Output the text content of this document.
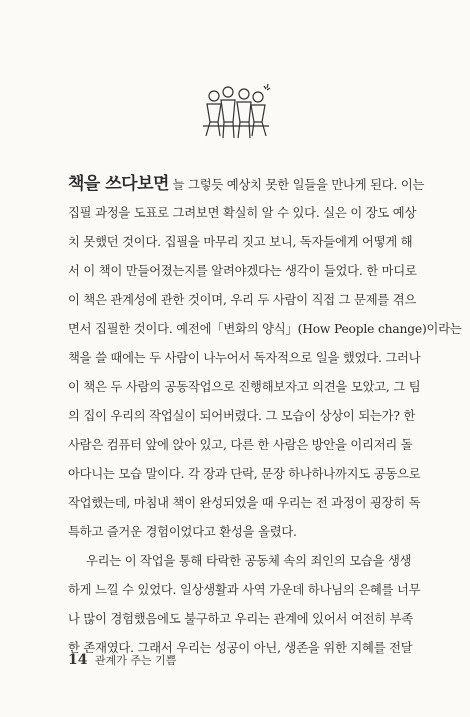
책을 쓰다보면 늘 그렇듯 예상치 못한 일들을 만나게 된다. 이는
집필 과정을 도표로 그려보면 확실히 알 수 있다. 실은 이 장도 예상
치 못했던 것이다. 집필을 마무리 짓고 보니, 독자들에게 어떻게 해
서 이 책이 만들어졌는지를 알려야겠다는 생각이 들었다. 한 마디로
이 책은 관계성에 관한 것이며, 우리 두 사람이 직접 그 문제를 겪으
면서 집필한 것이다. 예전에「변화의 양식」(How People change)이라는
책을 쓸 때에는 두 사람이 나누어서 독자적으로 일을 했었다. 그러나
이 책은 두 사람의 공동작업으로 진행해보자고 의견을 모았고, 그 팀
의 집이 우리의 작업실이 되어버렸다. 그 모습이 상상이 되는가? 한
사람은 컴퓨터 앞에 앉아 있고, 다른 한 사람은 방안을 이리저리 돌
아다니는 모습 말이다. 각 장과 단락, 문장 하나하나까지도 공동으로
작업했는데, 마침내 책이 완성되었을 때 우리는 전 과정이 굉장히 독
특하고 즐거운 경험이었다고 환성을 올렸다.
우리는 이 작업을 통해 타락한 공동체 속의 죄인의 모습을 생생
하게 느낄 수 있었다. 일상생활과 사역 가운데 하나님의 은혜를 너무
나 많이 경험했음에도 불구하고 우리는 관계에 있어서 여전히 부족
한 존재였다. 그래서 우리는 성공이 아닌, 생존을 위한 지혜를 전달
14 관계가 주는 기쁨
